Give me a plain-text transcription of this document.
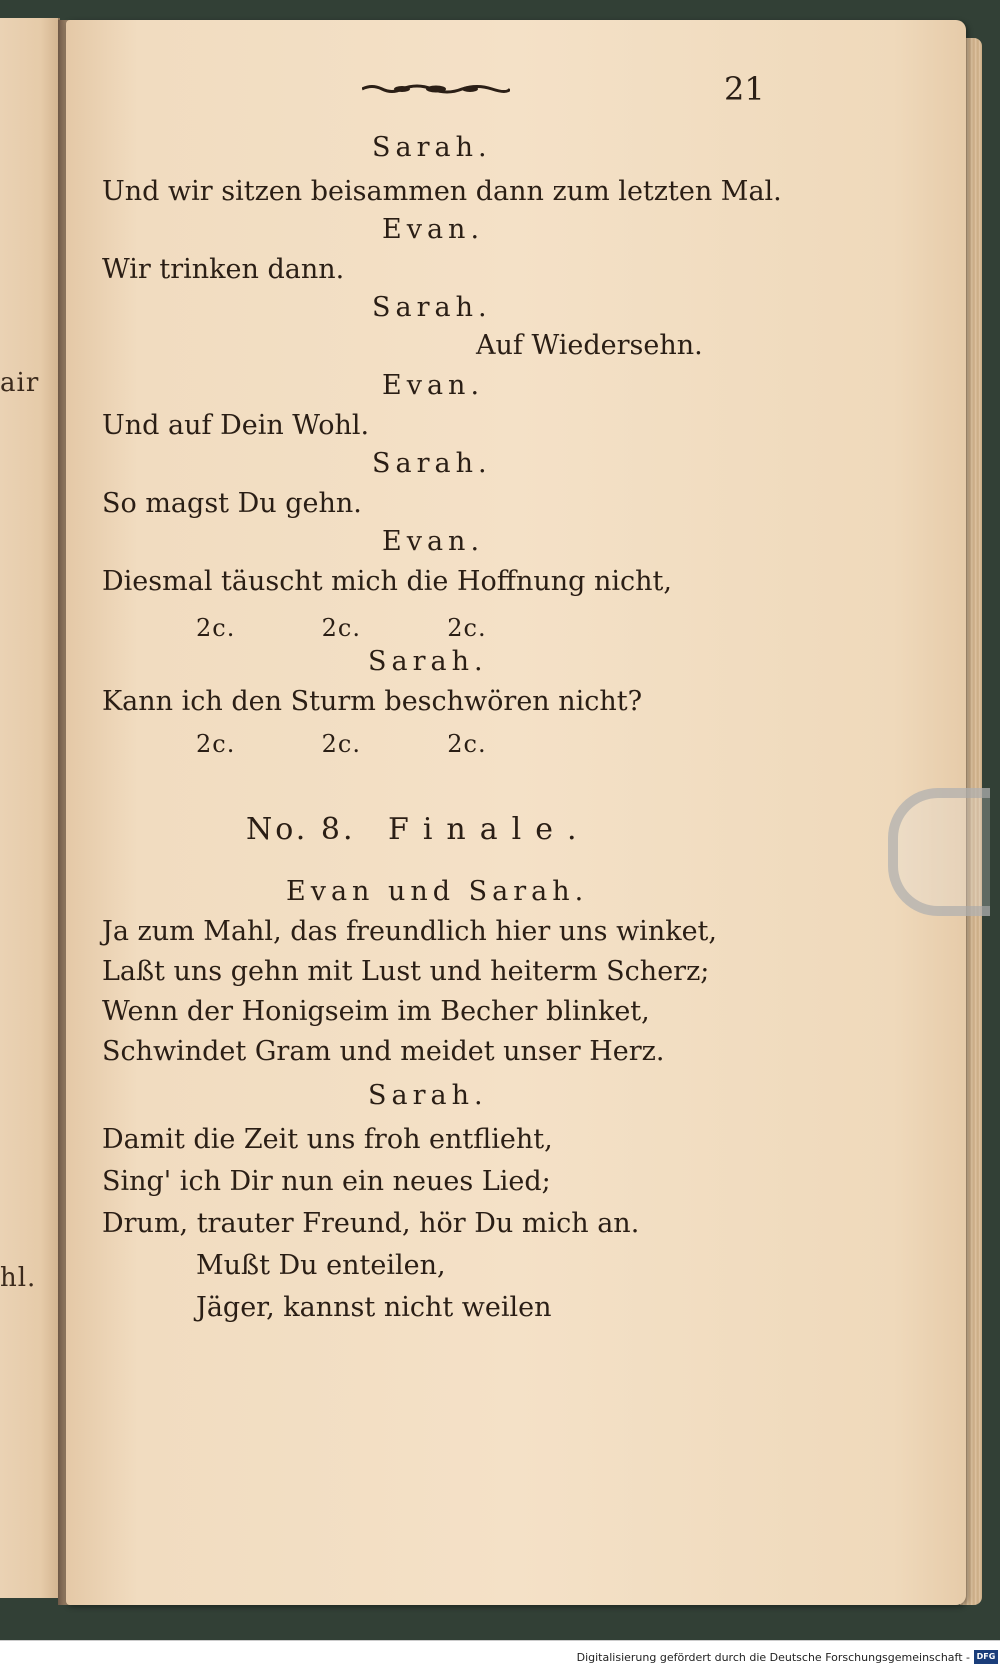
air
hl.
21
Sarah.
Und wir sitzen beisammen dann zum letzten Mal.
Evan.
Wir trinken dann.
Sarah.
Auf Wiedersehn.
Evan.
Und auf Dein Wohl.
Sarah.
So magst Du gehn.
Evan.
Diesmal täuscht mich die Hoffnung nicht,
2c.          2c.          2c.
Sarah.
Kann ich den Sturm beschwören nicht?
2c.          2c.          2c.
No. 8. Finale.
Evan und Sarah.
Ja zum Mahl, das freundlich hier uns winket,
Laßt uns gehn mit Lust und heiterm Scherz;
Wenn der Honigseim im Becher blinket,
Schwindet Gram und meidet unser Herz.
Sarah.
Damit die Zeit uns froh entflieht,
Sing' ich Dir nun ein neues Lied;
Drum, trauter Freund, hör Du mich an.
Mußt Du enteilen,
Jäger, kannst nicht weilen
Digitalisierung gefördert durch die Deutsche Forschungsgemeinschaft - DFG
